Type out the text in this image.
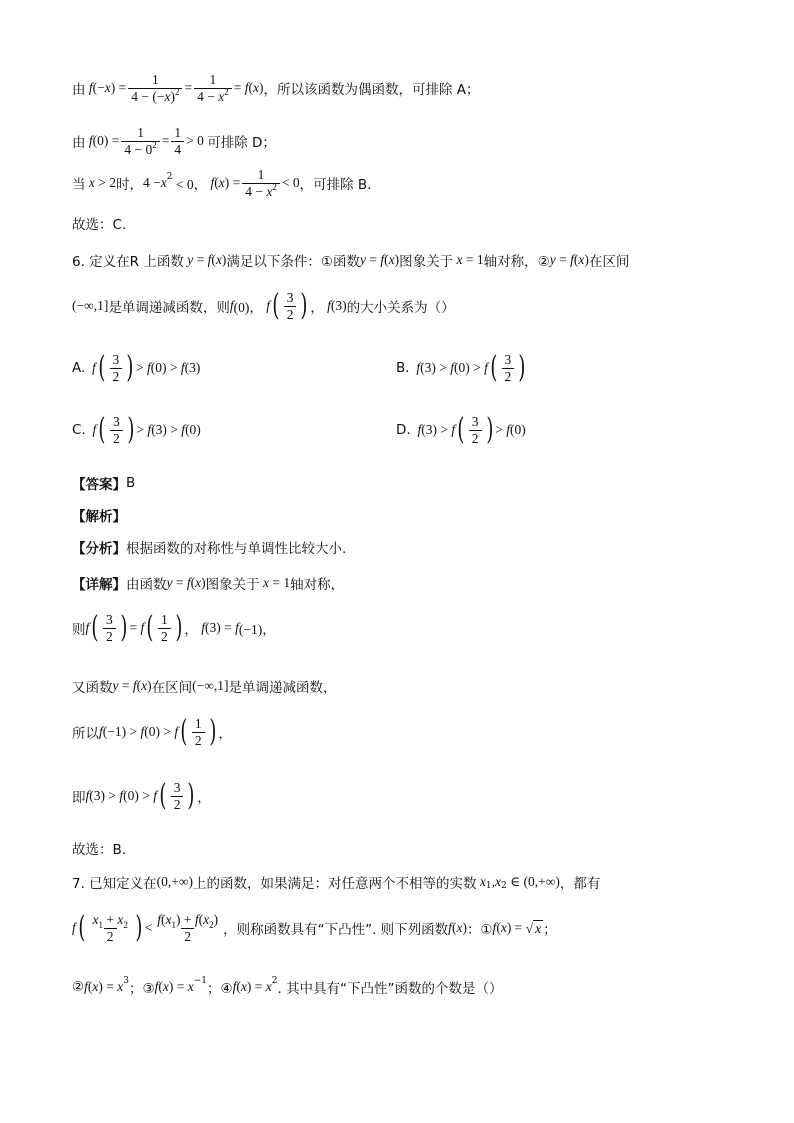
由 f (− x ) = $\frac{1}{4 - (-x)^2} = \frac{1}{4 - x^2} = f$ ( x ) ，所以该函数为偶函数，可排除 A；
由 f $(0) = \frac{1}{4 - 0^2} = \frac{1}{4} > 0$ 可排除 D；
当 x > 2 时， 4 − x 2 < 0， f ( x ) = $\frac{1}{4 - x^2} < 0$ ，可排除 B.
故选：C.
6. 定义在R 上函数 y = f ( x ) 满足以下条件：①函数 y = f ( x ) 图象关于 x = 1 轴对称，② y = f ( x ) 在区间
(−∞,1] 是单调递减函数，则 f (0)， f ( $\frac{3}{2}$ ) ， f (3) 的大小关系为（）
A. f ( $\frac{3}{2}$ ) > f (0) > f (3)	B. f (3) > f (0) > f ( $\frac{3}{2}$ )
C. f ( $\frac{3}{2}$ ) > f (3) > f (0)	D. f (3) > f ( $\frac{3}{2}$ ) > f (0)
【答案】 B
【解析】
【分析】 根据函数的对称性与单调性比较大小.
【详解】 由函数 y = f ( x ) 图象关于 x = 1 轴对称，
则 f ( $\frac{3}{2}$ ) = f ( $\frac{1}{2}$ ) ， f (3) = f (−1)，
又函数 y = f ( x ) 在区间 (−∞,1] 是单调递减函数，
所以 f (−1) > f (0) > f ( $\frac{1}{2}$ ) ，
即 f (3) > f (0) > f ( $\frac{3}{2}$ ) ，
故选：B.
7. 已知定义在 (0,+∞) 上的函数，如果满足：对任意两个不相等的实数 x 1 , x 2 ∈ (0,+∞) ，都有
f ( $\frac{x_1 + x_2}{2}$ ) < $\frac{f(x_1) + f(x_2)}{2}$ ，则称函数具有“下凸性”. 则下列函数 f ( x ) ：① f ( x ) = √ x ；
② f ( x ) = x 3 ；③ f ( x ) = x −1 ；④ f ( x ) = x 2 . 其中具有“下凸性”函数的个数是（）
